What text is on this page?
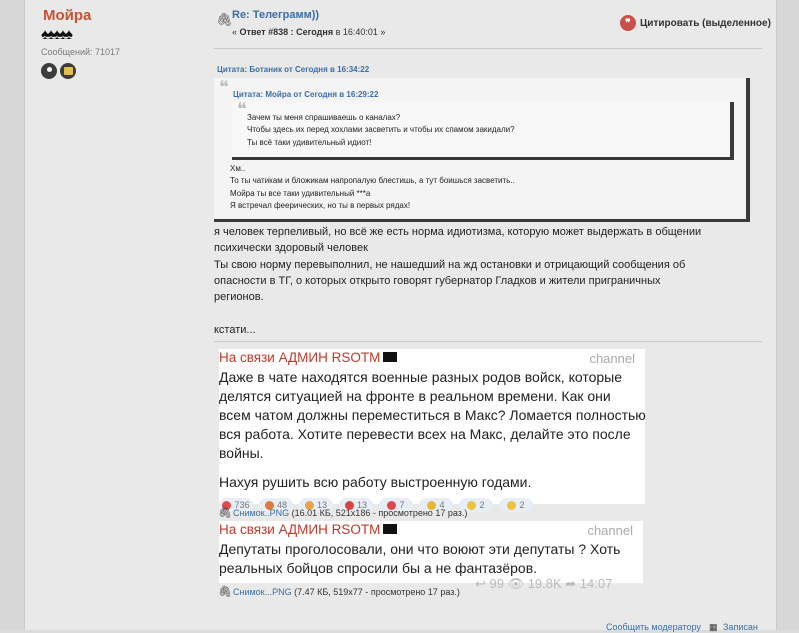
Мойра
♠♠♠♠♠
Сообщений: 71017
🖇 Re: Телеграмм))
« Ответ #838 : Сегодня в 16:40:01 »
❞ Цитировать (выделенное)
Цитата: Ботаник от Сегодня в 16:34:22
❝ Цитата: Мойра от Сегодня в 16:29:22
❝ Зачем ты меня спрашиваешь о каналах?
Чтобы здесь их перед хохлами засветить и чтобы их спамом закидали?
Ты всё таки удивительный идиот!
Хм..
То ты чатикам и бложикам напропалую блестишь, а тут боишься засветить..
Мойра ты все таки удивительный ***а
Я встречал феерических, но ты в первых рядах!
я человек терпеливый, но всё же есть норма идиотизма, которую может выдержать в общении
психически здоровый человек
Ты свою норму перевыполнил, не нашедший на жд остановки и отрицающий сообщения об
опасности в ТГ, о которых открыто говорят губернатор Гладков и жители приграничных
регионов.
кстати...
На связи АДМИН RSOTM	channel
Даже в чате находятся военные разных родов войск, которые
делятся ситуацией на фронте в реальном времени. Как они
всем чатом должны переместиться в Макс? Ломается полностью
вся работа. Хотите перевести всех на Макс, делайте это после
войны.
Нахуя рушить всю работу выстроенную годами.
736	48	13	13	7	4	2	2
🖇Снимок..PNG (16.01 КБ, 521x186 - просмотрено 17 раз.)
На связи АДМИН RSOTM	channel
Депутаты проголосовали, они что воюют эти депутаты ? Хоть
реальных бойцов спросили бы а не фантазёров.
↩ 99 👁 19.8K ➦ 14:07
🖇Снимок...PNG (7.47 КБ, 519x77 - просмотрено 17 раз.)
Сообщить модератору ▦ Записан
